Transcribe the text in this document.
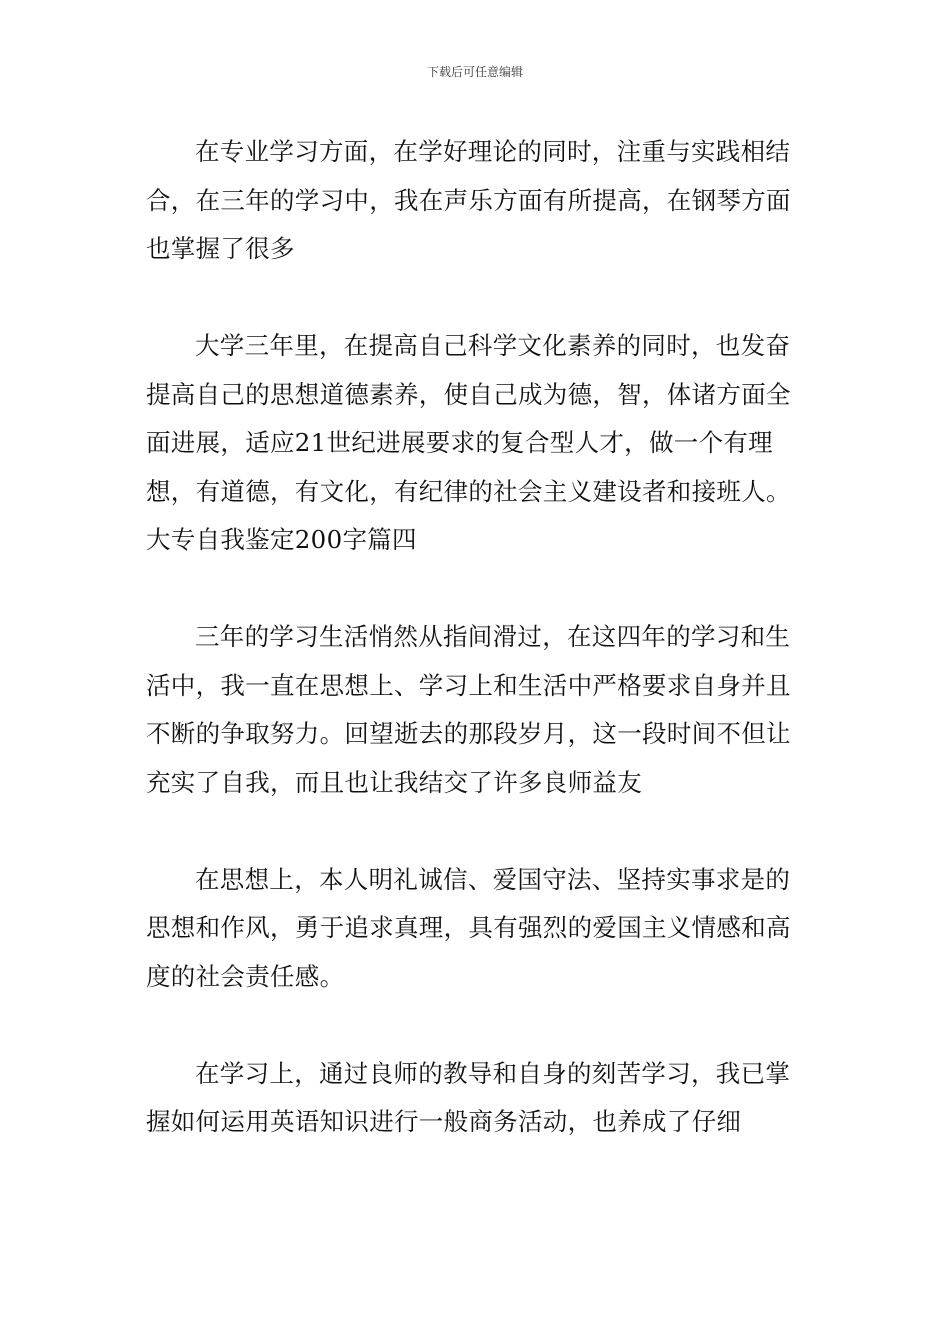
下载后可任意编辑

在专业学习方面，在学好理论的同时，注重与实践相结合，在三年的学习中，我在声乐方面有所提高，在钢琴方面也掌握了很多

大学三年里，在提高自己科学文化素养的同时，也发奋提高自己的思想道德素养，使自己成为德，智，体诸方面全面进展，适应21世纪进展要求的复合型人才，做一个有理想，有道德，有文化，有纪律的社会主义建设者和接班人。

大专自我鉴定200字篇四

三年的学习生活悄然从指间滑过，在这四年的学习和生活中，我一直在思想上、学习上和生活中严格要求自身并且不断的争取努力。回望逝去的那段岁月，这一段时间不但让充实了自我，而且也让我结交了许多良师益友

在思想上，本人明礼诚信、爱国守法、坚持实事求是的思想和作风，勇于追求真理，具有强烈的爱国主义情感和高度的社会责任感。

在学习上，通过良师的教导和自身的刻苦学习，我已掌握如何运用英语知识进行一般商务活动，也养成了仔细
